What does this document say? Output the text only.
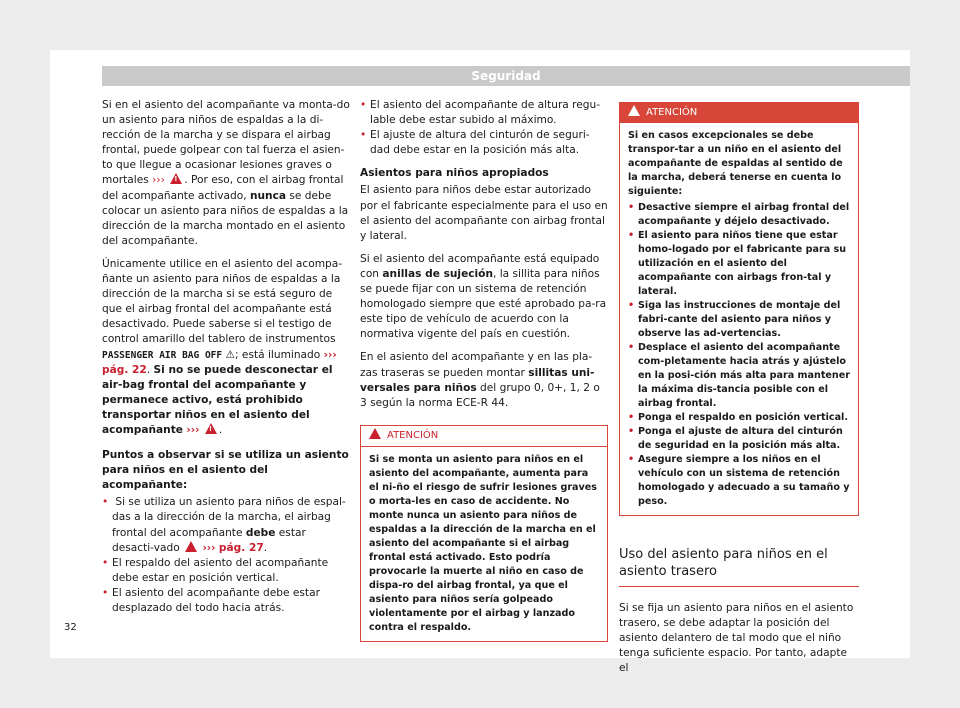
Seguridad

Si en el asiento del acompañante va monta-do un asiento para niños de espaldas a la di-rección de la marcha y se dispara el airbag frontal, puede golpear con tal fuerza el asien-to que llegue a ocasionar lesiones graves o mortales ››› ! . Por eso, con el airbag frontal del acompañante activado, nunca se debe colocar un asiento para niños de espaldas a la dirección de la marcha montado en el asiento del acompañante.

Únicamente utilice en el asiento del acompa-ñante un asiento para niños de espaldas a la dirección de la marcha si se está seguro de que el airbag frontal del acompañante está desactivado. Puede saberse si el testigo de control amarillo del tablero de instrumentos PASSENGER AIR BAG OFF ⚠; está iluminado ››› pág. 22. Si no se puede desconectar el air-bag frontal del acompañante y permanece activo, está prohibido transportar niños en el asiento del acompañante ››› ! .

Puntos a observar si se utiliza un asiento para niños en el asiento del acompañante:

• Si se utiliza un asiento para niños de espal-das a la dirección de la marcha, el airbag frontal del acompañante debe estar desacti-vado ! ››› pág. 27.

• El respaldo del asiento del acompañante debe estar en posición vertical.

• El asiento del acompañante debe estar desplazado del todo hacia atrás.

• El asiento del acompañante de altura regu-lable debe estar subido al máximo.

• El ajuste de altura del cinturón de seguri-dad debe estar en la posición más alta.

Asientos para niños apropiados

El asiento para niños debe estar autorizado por el fabricante especialmente para el uso en el asiento del acompañante con airbag frontal y lateral.

Si el asiento del acompañante está equipado con anillas de sujeción, la sillita para niños se puede fijar con un sistema de retención homologado siempre que esté aprobado pa-ra este tipo de vehículo de acuerdo con la normativa vigente del país en cuestión.

En el asiento del acompañante y en las pla-zas traseras se pueden montar sillitas uni-versales para niños del grupo 0, 0+, 1, 2 o 3 según la norma ECE-R 44.

ATENCIÓN
Si se monta un asiento para niños en el asiento del acompañante, aumenta para el ni-ño el riesgo de sufrir lesiones graves o morta-les en caso de accidente. No monte nunca un asiento para niños de espaldas a la dirección de la marcha en el asiento del acompañante si el airbag frontal está activado. Esto podría provocarle la muerte al niño en caso de dispa-ro del airbag frontal, ya que el asiento para niños sería golpeado violentamente por el airbag y lanzado contra el respaldo.
ATENCIÓN

Si en casos excepcionales se debe transpor-tar a un niño en el asiento del acompañante de espaldas al sentido de la marcha, deberá tenerse en cuenta lo siguiente:

• Desactive siempre el airbag frontal del acompañante y déjelo desactivado.

• El asiento para niños tiene que estar homo-logado por el fabricante para su utilización en el asiento del acompañante con airbags fron-tal y lateral.

• Siga las instrucciones de montaje del fabri-cante del asiento para niños y observe las ad-vertencias.

• Desplace el asiento del acompañante com-pletamente hacia atrás y ajústelo en la posi-ción más alta para mantener la máxima dis-tancia posible con el airbag frontal.

• Ponga el respaldo en posición vertical.

• Ponga el ajuste de altura del cinturón de seguridad en la posición más alta.

• Asegure siempre a los niños en el vehículo con un sistema de retención homologado y adecuado a su tamaño y peso.

Uso del asiento para niños en el asiento trasero

Si se fija un asiento para niños en el asiento trasero, se debe adaptar la posición del asiento delantero de tal modo que el niño tenga suficiente espacio. Por tanto, adapte el

32
